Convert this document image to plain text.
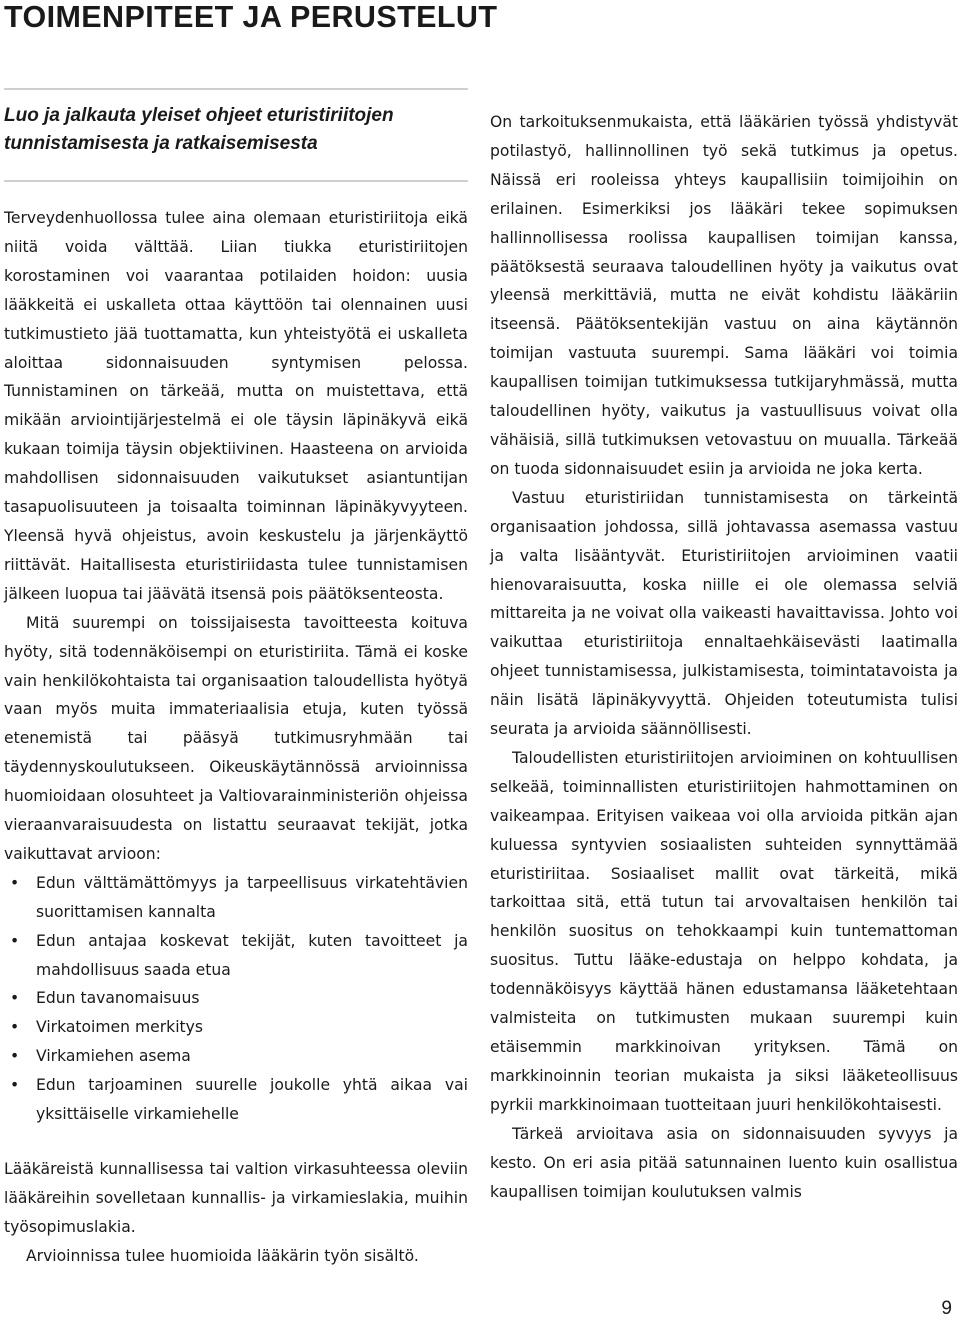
TOIMENPITEET JA PERUSTELUT
Luo ja jalkauta yleiset ohjeet eturistiriitojen tunnistamisesta ja ratkaisemisesta

Terveydenhuollossa tulee aina olemaan eturistiriitoja eikä niitä voida välttää. Liian tiukka eturistiriitojen korostaminen voi vaarantaa potilaiden hoidon: uusia lääkkeitä ei uskalleta ottaa käyttöön tai olennainen uusi tutkimustieto jää tuottamatta, kun yhteistyötä ei uskalleta aloittaa sidonnaisuuden syntymisen pelossa. Tunnistaminen on tärkeää, mutta on muistettava, että mikään arviointijärjestelmä ei ole täysin läpinäkyvä eikä kukaan toimija täysin objektiivinen. Haasteena on arvioida mahdollisen sidonnaisuuden vaikutukset asiantuntijan tasapuolisuuteen ja toisaalta toiminnan läpinäkyvyyteen. Yleensä hyvä ohjeistus, avoin keskustelu ja järjenkäyttö riittävät. Haitallisesta eturistiriidasta tulee tunnistamisen jälkeen luopua tai jäävätä itsensä pois päätöksenteosta.

Mitä suurempi on toissijaisesta tavoitteesta koituva hyöty, sitä todennäköisempi on eturistiriita. Tämä ei koske vain henkilökohtaista tai organisaation taloudellista hyötyä vaan myös muita immateriaalisia etuja, kuten työssä etenemistä tai pääsyä tutkimusryhmään tai täydennyskoulutukseen. Oikeuskäytännössä arvioinnissa huomioidaan olosuhteet ja Valtiovarainministeriön ohjeissa vieraanvaraisuudesta on listattu seuraavat tekijät, jotka vaikuttavat arvioon:

• Edun välttämättömyys ja tarpeellisuus virkatehtävien suorittamisen kannalta
• Edun antajaa koskevat tekijät, kuten tavoitteet ja mahdollisuus saada etua
• Edun tavanomaisuus
• Virkatoimen merkitys
• Virkamiehen asema
• Edun tarjoaminen suurelle joukolle yhtä aikaa vai yksittäiselle virkamiehelle

Lääkäreistä kunnallisessa tai valtion virkasuhteessa oleviin lääkäreihin sovelletaan kunnallis- ja virkamieslakia, muihin työsopimuslakia.

Arvioinnissa tulee huomioida lääkärin työn sisältö.

On tarkoituksenmukaista, että lääkärien työssä yhdistyvät potilastyö, hallinnollinen työ sekä tutkimus ja opetus. Näissä eri rooleissa yhteys kaupallisiin toimijoihin on erilainen. Esimerkiksi jos lääkäri tekee sopimuksen hallinnollisessa roolissa kaupallisen toimijan kanssa, päätöksestä seuraava taloudellinen hyöty ja vaikutus ovat yleensä merkittäviä, mutta ne eivät kohdistu lääkäriin itseensä. Päätöksentekijän vastuu on aina käytännön toimijan vastuuta suurempi. Sama lääkäri voi toimia kaupallisen toimijan tutkimuksessa tutkijaryhmässä, mutta taloudellinen hyöty, vaikutus ja vastuullisuus voivat olla vähäisiä, sillä tutkimuksen vetovastuu on muualla. Tärkeää on tuoda sidonnaisuudet esiin ja arvioida ne joka kerta.

Vastuu eturistiriidan tunnistamisesta on tärkeintä organisaation johdossa, sillä johtavassa asemassa vastuu ja valta lisääntyvät. Eturistiriitojen arvioiminen vaatii hienovaraisuutta, koska niille ei ole olemassa selviä mittareita ja ne voivat olla vaikeasti havaittavissa. Johto voi vaikuttaa eturistiriitoja ennaltaehkäisevästi laatimalla ohjeet tunnistamisessa, julkistamisesta, toimintatavoista ja näin lisätä läpinäkyvyyttä. Ohjeiden toteutumista tulisi seurata ja arvioida säännöllisesti.

Taloudellisten eturistiriitojen arvioiminen on kohtuullisen selkeää, toiminnallisten eturistiriitojen hahmottaminen on vaikeampaa. Erityisen vaikeaa voi olla arvioida pitkän ajan kuluessa syntyvien sosiaalisten suhteiden synnyttämää eturistiriitaa. Sosiaaliset mallit ovat tärkeitä, mikä tarkoittaa sitä, että tutun tai arvovaltaisen henkilön tai henkilön suositus on tehokkaampi kuin tuntemattoman suositus. Tuttu lääke-edustaja on helppo kohdata, ja todennäköisyys käyttää hänen edustamansa lääketehtaan valmisteita on tutkimusten mukaan suurempi kuin etäisemmin markkinoivan yrityksen. Tämä on markkinoinnin teorian mukaista ja siksi lääketeollisuus pyrkii markkinoimaan tuotteitaan juuri henkilökohtaisesti.

Tärkeä arvioitava asia on sidonnaisuuden syvyys ja kesto. On eri asia pitää satunnainen luento kuin osallistua kaupallisen toimijan koulutuksen valmis

9
